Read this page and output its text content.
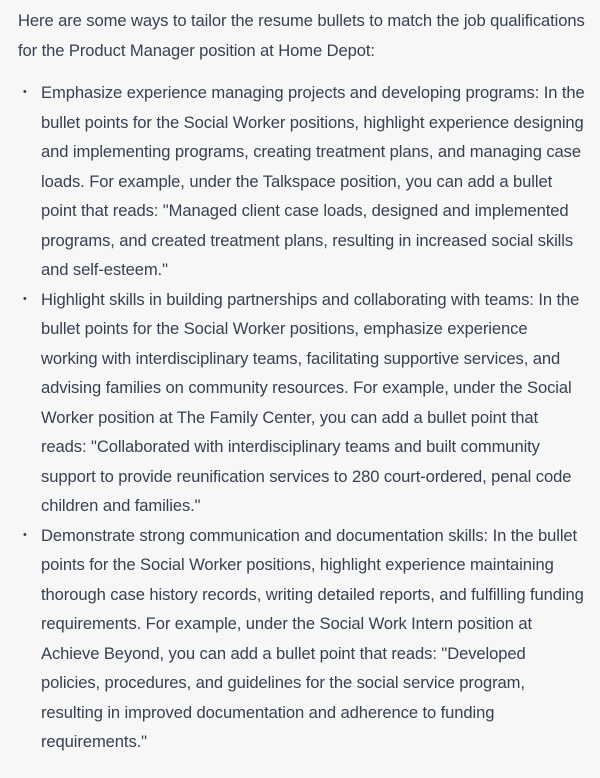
Here are some ways to tailor the resume bullets to match the job qualifications for the Product Manager position at Home Depot:

• Emphasize experience managing projects and developing programs: In the bullet points for the Social Worker positions, highlight experience designing and implementing programs, creating treatment plans, and managing case loads. For example, under the Talkspace position, you can add a bullet point that reads: "Managed client case loads, designed and implemented programs, and created treatment plans, resulting in increased social skills and self-esteem."
• Highlight skills in building partnerships and collaborating with teams: In the bullet points for the Social Worker positions, emphasize experience working with interdisciplinary teams, facilitating supportive services, and advising families on community resources. For example, under the Social Worker position at The Family Center, you can add a bullet point that reads: "Collaborated with interdisciplinary teams and built community support to provide reunification services to 280 court-ordered, penal code children and families."
• Demonstrate strong communication and documentation skills: In the bullet points for the Social Worker positions, highlight experience maintaining thorough case history records, writing detailed reports, and fulfilling funding requirements. For example, under the Social Work Intern position at Achieve Beyond, you can add a bullet point that reads: "Developed policies, procedures, and guidelines for the social service program, resulting in improved documentation and adherence to funding requirements."
